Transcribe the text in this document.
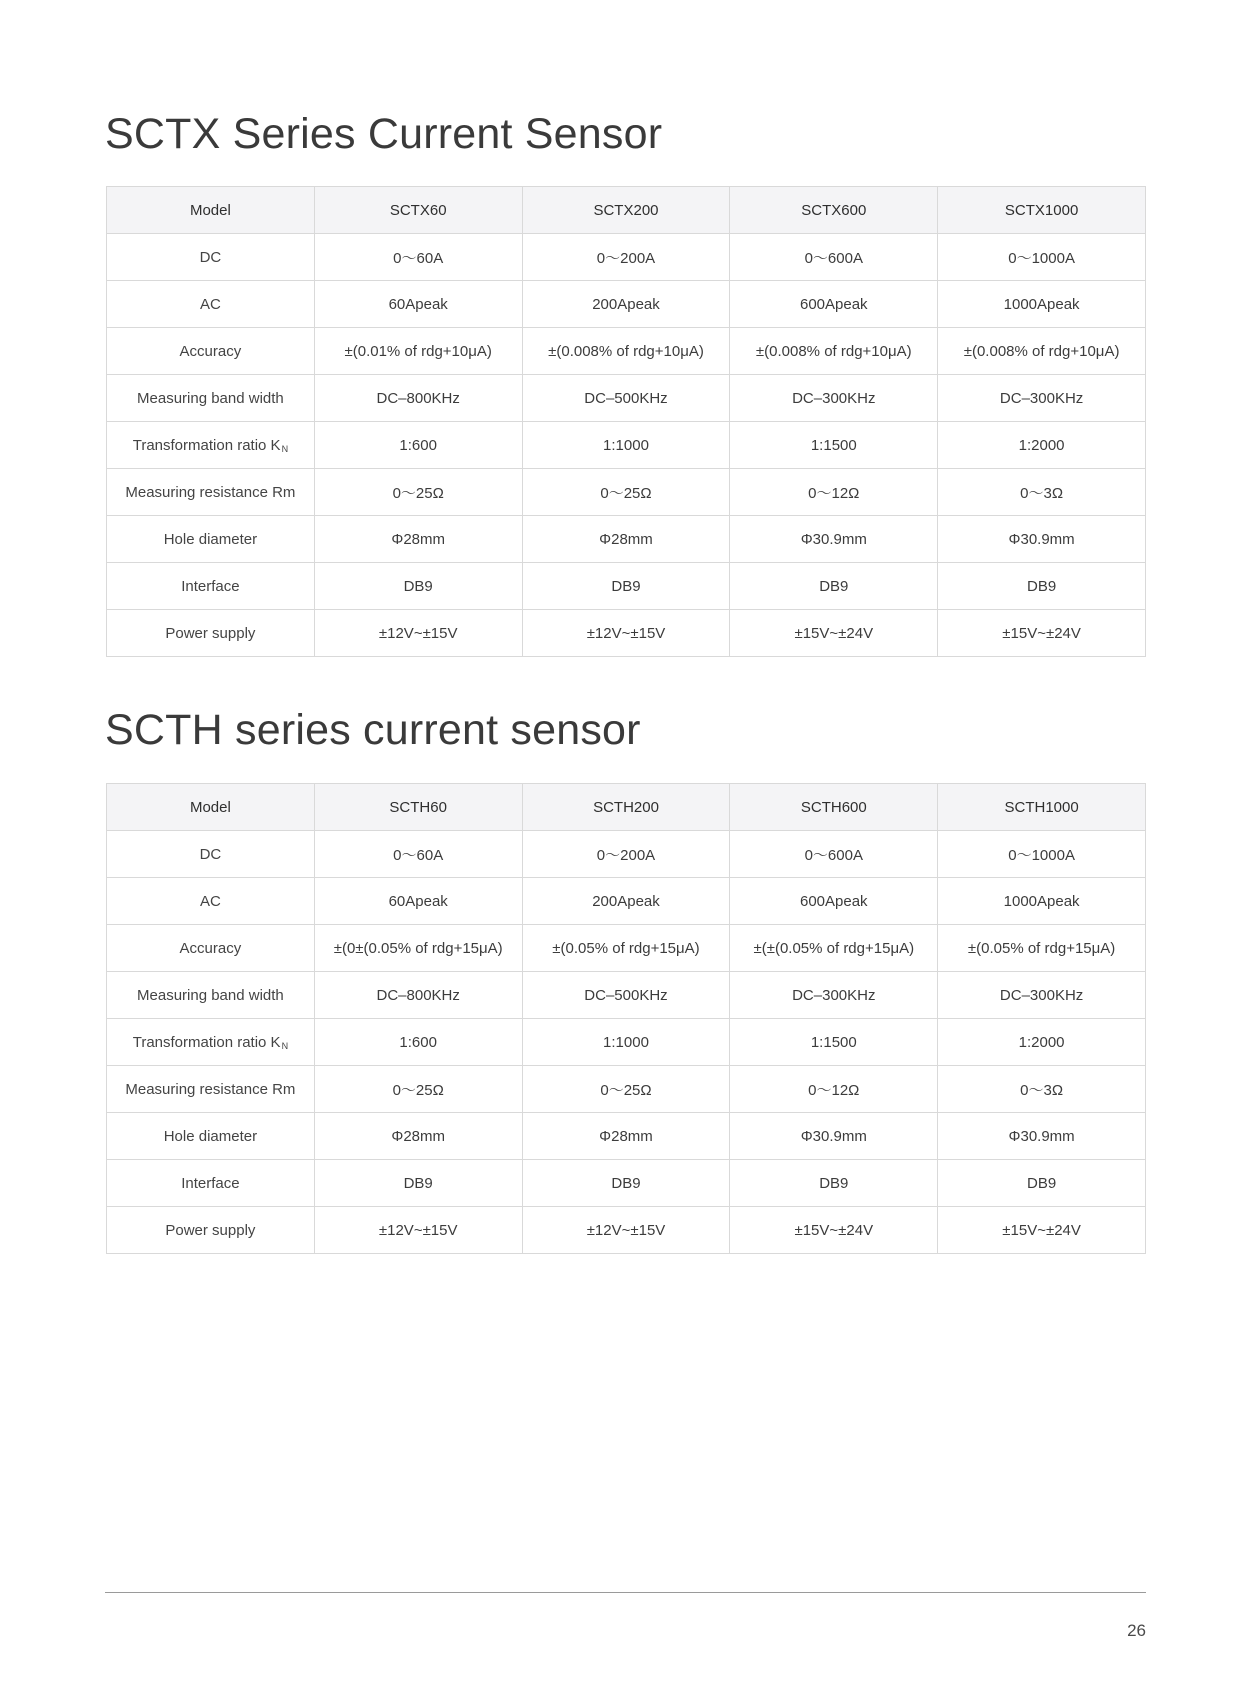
SCTX Series Current Sensor
Model	SCTX60	SCTX200	SCTX600	SCTX1000
DC	0～60A	0～200A	0～600A	0～1000A
AC	60Apeak	200Apeak	600Apeak	1000Apeak
Accuracy	±(0.01% of rdg+10μA)	±(0.008% of rdg+10μA)	±(0.008% of rdg+10μA)	±(0.008% of rdg+10μA)
Measuring band width	DC–800KHz	DC–500KHz	DC–300KHz	DC–300KHz
Transformation ratio $K_N$	1:600	1:1000	1:1500	1:2000
Measuring resistance Rm	0～25Ω	0～25Ω	0～12Ω	0～3Ω
Hole diameter	Φ28mm	Φ28mm	Φ30.9mm	Φ30.9mm
Interface	DB9	DB9	DB9	DB9
Power supply	±12V~±15V	±12V~±15V	±15V~±24V	±15V~±24V
SCTH series current sensor
Model	SCTH60	SCTH200	SCTH600	SCTH1000
DC	0～60A	0～200A	0～600A	0～1000A
AC	60Apeak	200Apeak	600Apeak	1000Apeak
Accuracy	±(0±(0.05% of rdg+15μA)	±(0.05% of rdg+15μA)	±(±(0.05% of rdg+15μA)	±(0.05% of rdg+15μA)
Measuring band width	DC–800KHz	DC–500KHz	DC–300KHz	DC–300KHz
Transformation ratio $K_N$	1:600	1:1000	1:1500	1:2000
Measuring resistance Rm	0～25Ω	0～25Ω	0～12Ω	0～3Ω
Hole diameter	Φ28mm	Φ28mm	Φ30.9mm	Φ30.9mm
Interface	DB9	DB9	DB9	DB9
Power supply	±12V~±15V	±12V~±15V	±15V~±24V	±15V~±24V
26
